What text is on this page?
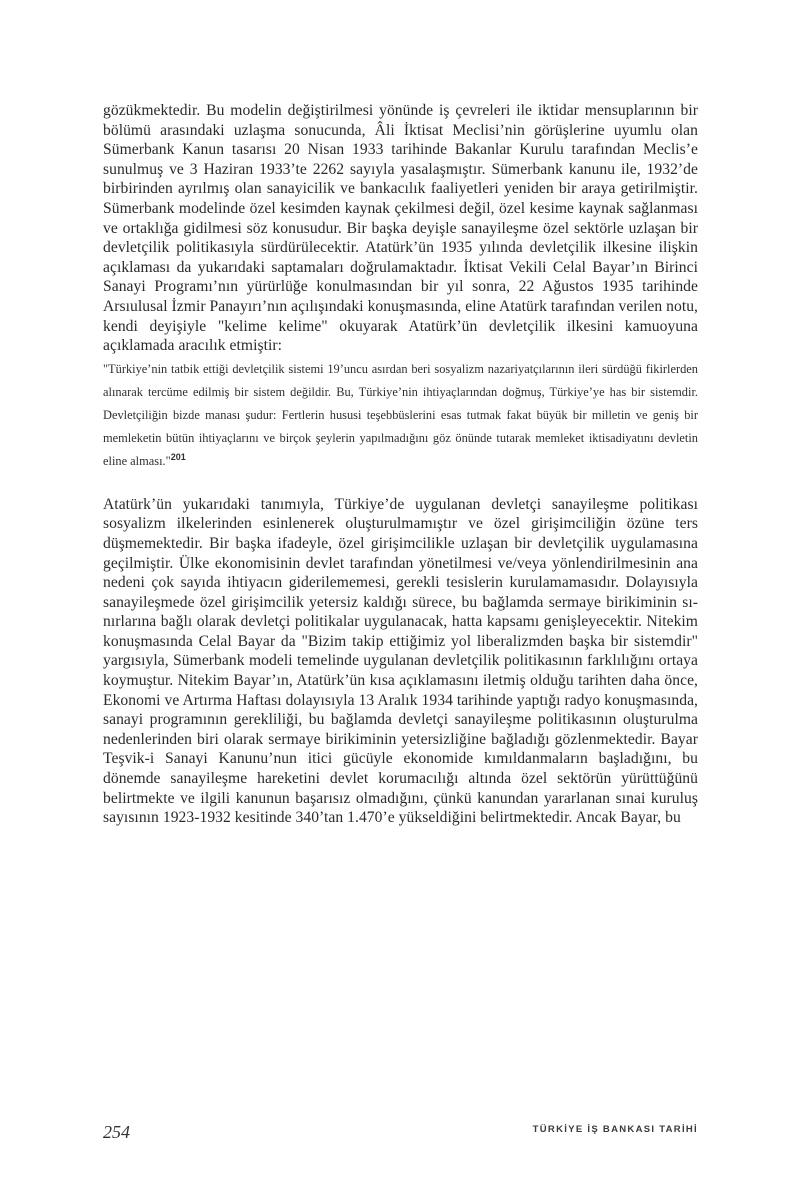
gözükmektedir. Bu modelin değiştirilmesi yönünde iş çevreleri ile iktidar mensuplarının bir bölümü arasındaki uzlaşma sonucunda, Âli İktisat Meclisi’nin görüşlerine uyumlu olan Sümerbank Kanun tasarısı 20 Nisan 1933 tarihinde Bakanlar Kurulu tarafından Meclis’e sunulmuş ve 3 Haziran 1933’te 2262 sayıyla yasalaşmıştır. Sümerbank kanunu ile, 1932’de birbirinden ayrılmış olan sanayicilik ve bankacılık faaliyetleri yeniden bir araya getirilmiştir. Sümerbank modelinde özel kesimden kaynak çekilmesi değil, özel kesime kaynak sağlanması ve ortaklığa gidilmesi söz konusudur. Bir başka deyişle sanayileşme özel sektörle uzlaşan bir devletçilik politikasıyla sürdürülecektir. Atatürk’ün 1935 yılında devletçilik ilkesine ilişkin açıklaması da yukarıdaki saptamaları doğrulamaktadır. İktisat Vekili Celal Bayar’ın Birinci Sanayi Programı’nın yürürlüğe konulmasından bir yıl sonra, 22 Ağustos 1935 tarihinde Arsıulusal İzmir Panayırı’nın açılışındaki konuşmasında, eline Atatürk tarafından verilen notu, kendi deyişiyle "kelime kelime" okuyarak Atatürk’ün devletçilik ilkesini kamuoyuna açıklamada aracılık etmiştir:

"Türkiye’nin tatbik ettiği devletçilik sistemi 19’uncu asırdan beri sosyalizm nazariyatçılarının ileri sürdüğü fikirlerden alınarak tercüme edilmiş bir sistem değildir. Bu, Türkiye’nin ihtiyaçlarından doğmuş, Türkiye’ye has bir sistemdir. Devletçiliğin bizde manası şudur: Fertlerin hususi teşebbüslerini esas tutmak fakat büyük bir milletin ve geniş bir memleketin bütün ihtiyaçlarını ve birçok şeylerin yapılmadığını göz önünde tutarak memleket iktisadiyatını devletin eline alması."$^{201}$

Atatürk’ün yukarıdaki tanımıyla, Türkiye’de uygulanan devletçi sanayileşme politikası sosyalizm ilkelerinden esinlenerek oluşturulmamıştır ve özel girişimciliğin özüne ters düşmemektedir. Bir başka ifadeyle, özel girişimcilikle uzlaşan bir devletçilik uygulamasına geçilmiştir. Ülke ekonomisinin devlet tarafından yönetilmesi ve/veya yönlendirilmesinin ana nedeni çok sayıda ihtiyacın giderilememesi, gerekli tesislerin kurulamamasıdır. Dolayısıyla sanayileşmede özel girişimcilik yetersiz kaldığı sürece, bu bağlamda sermaye birikiminin sınırlarına bağlı olarak devletçi politikalar uygulanacak, hatta kapsamı genişleyecektir. Nitekim konuşmasında Celal Bayar da "Bizim takip ettiğimiz yol liberalizmden başka bir sistemdir" yargısıyla, Sümerbank modeli temelinde uygulanan devletçilik politikasının farklılığını ortaya koymuştur. Nitekim Bayar’ın, Atatürk’ün kısa açıklamasını iletmiş olduğu tarihten daha önce, Ekonomi ve Artırma Haftası dolayısıyla 13 Aralık 1934 tarihinde yaptığı radyo konuşmasında, sanayi programının gerekliliği, bu bağlamda devletçi sanayileşme politikasının oluşturulma nedenlerinden biri olarak sermaye birikiminin yetersizliğine bağladığı gözlenmektedir. Bayar Teşvik-i Sanayi Kanunu’nun itici gücüyle ekonomide kımıldanmaların başladığını, bu dönemde sanayileşme hareketini devlet korumacılığı altında özel sektörün yürüttüğünü belirtmekte ve ilgili kanunun başarısız olmadığını, çünkü kanundan yararlanan sınai kuruluş sayısının 1923-1932 kesitinde 340’tan 1.470’e yükseldiğini belirtmektedir. Ancak Bayar, bu

254	TÜRKİYE İŞ BANKASI TARİHİ
